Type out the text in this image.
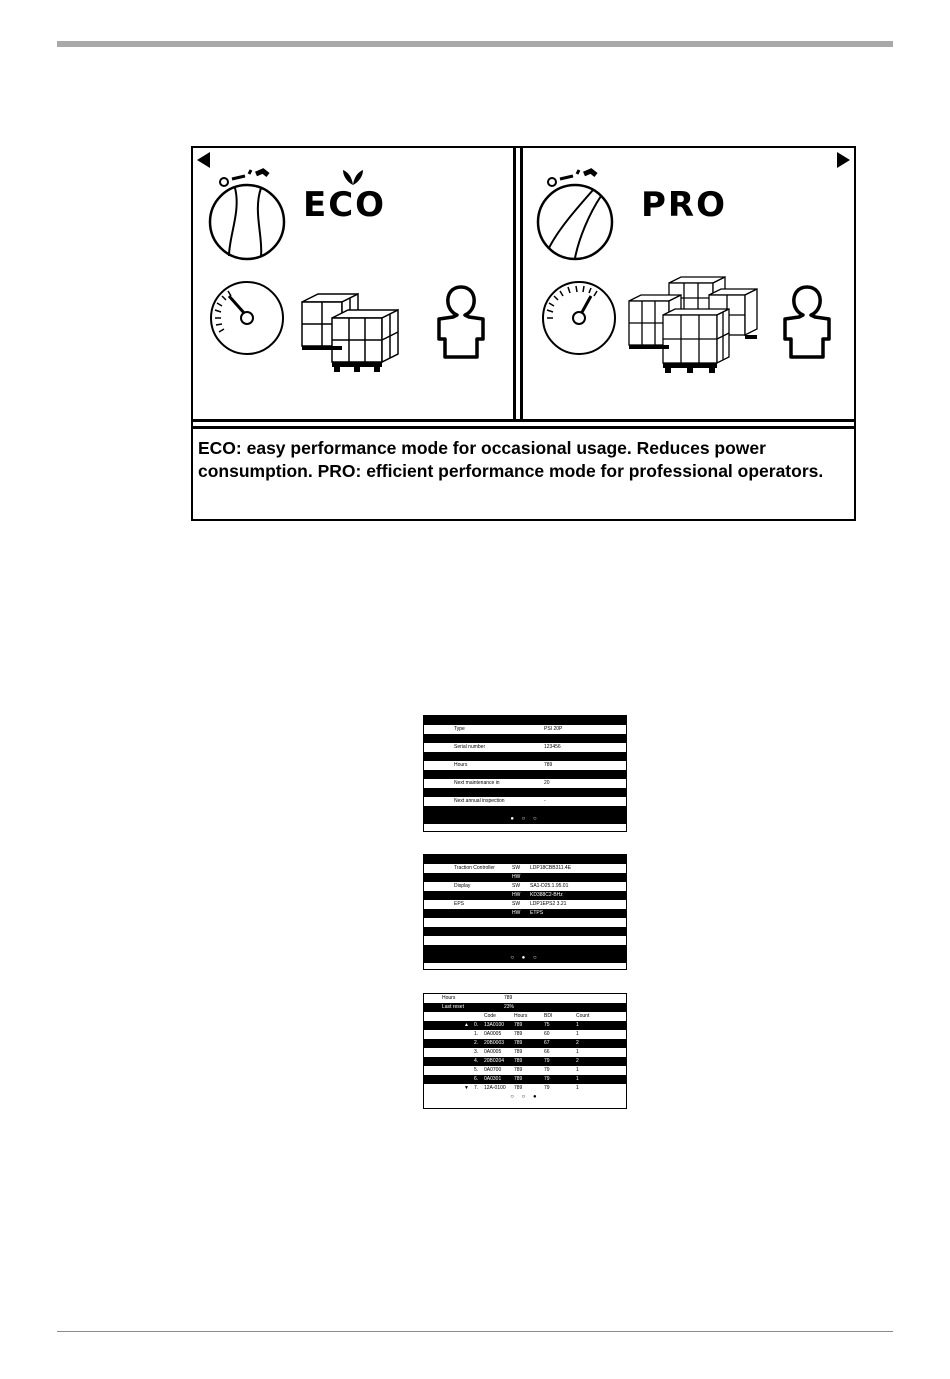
ECO	PRO
ECO: easy performance mode for occasional usage. Reduces power consumption. PRO: efficient performance mode for professional operators.
Type	PSI 20P
Serial number	123456
Hours	789
Next maintenance in	20
Next annual inspection	-
● ○ ○
Traction Controller	SW LDP18CBB311.4E
HW
Display	SW SA1-D25.1.95.01
HW KD388C2-BHz
EPS	SW LDP1EPS2 3.21
HW ETPS
○ ● ○
Hours	789
Last reset	23%
Code	Hours	BDI	Count
▲ 0. 13A0100 789	75	1
1. 0A0005	789	60	1
2. 20B0003 789	67	2
3. 0A0005	789	66	1
4. 20B0204 789	79	2
5. 0A0700	789	79	1
6. 0A0301	789	79	1
▼ 7. 12A-0100 789	79	1
○ ○ ●
